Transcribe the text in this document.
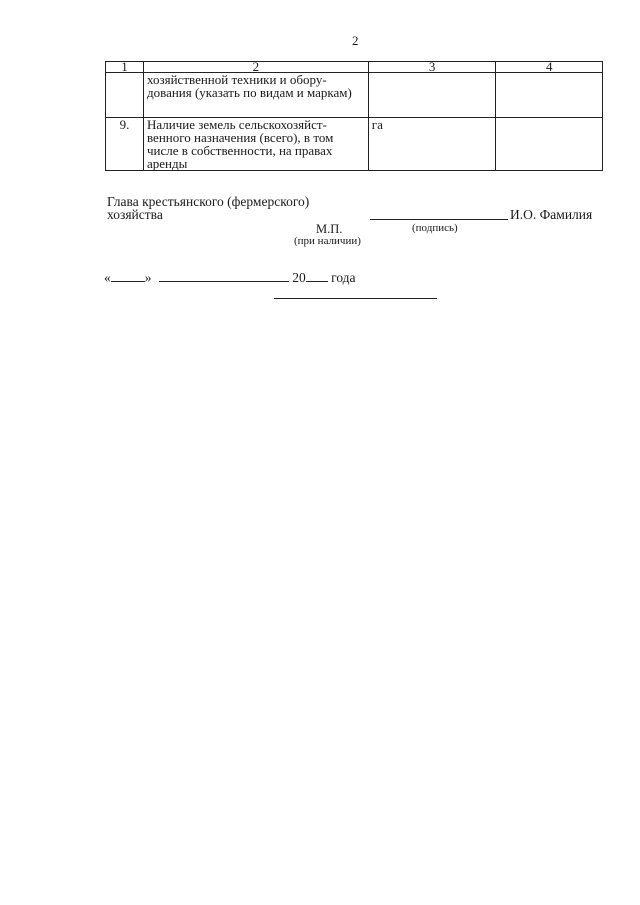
2
1	2	3	4
	хозяйственной техники и обору-дования (указать по видам и маркам)		
9.	Наличие земель сельскохозяйст-венного назначения (всего), в том числе в собственности, на правах аренды	га	
Глава крестьянского (фермерского)
хозяйства	И.О. Фамилия
М.П.
(при наличии)
(подпись)
«	»	20 года
